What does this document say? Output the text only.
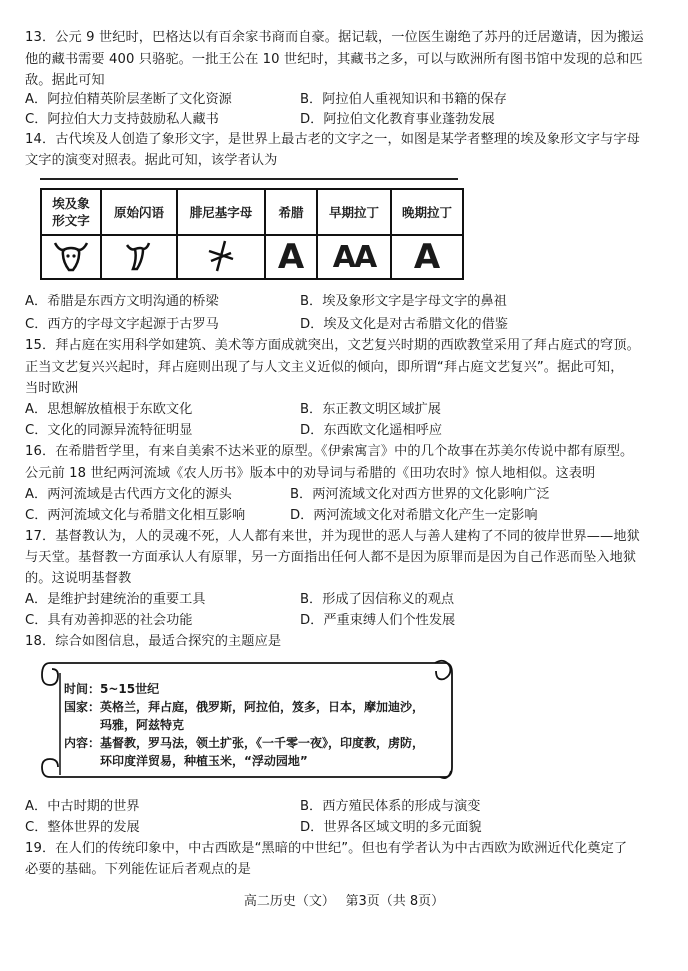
13．公元 9 世纪时，巴格达以有百余家书商而自豪。据记载，一位医生谢绝了苏丹的迁居邀请，因为搬运
他的藏书需要 400 只骆驼。一批王公在 10 世纪时，其藏书之多，可以与欧洲所有图书馆中发现的总和匹
敌。据此可知
A．阿拉伯精英阶层垄断了文化资源	B．阿拉伯人重视知识和书籍的保存
C．阿拉伯大力支持鼓励私人藏书	D．阿拉伯文化教育事业蓬勃发展
14．古代埃及人创造了象形文字，是世界上最古老的文字之一，如图是某学者整理的埃及象形文字与字母
文字的演变对照表。据此可知，该学者认为
埃及象形文字	原始闪语	腓尼基字母	希腊	早期拉丁	晚期拉丁
			A	AA	A
A．希腊是东西方文明沟通的桥梁	B．埃及象形文字是字母文字的鼻祖
C．西方的字母文字起源于古罗马	D．埃及文化是对古希腊文化的借鉴
15．拜占庭在实用科学如建筑、美术等方面成就突出，文艺复兴时期的西欧教堂采用了拜占庭式的穹顶。
正当文艺复兴兴起时，拜占庭则出现了与人文主义近似的倾向，即所谓“拜占庭文艺复兴”。据此可知，
当时欧洲
A．思想解放植根于东欧文化	B．东正教文明区域扩展
C．文化的同源异流特征明显	D．东西欧文化遥相呼应
16．在希腊哲学里，有来自美索不达米亚的原型。《伊索寓言》中的几个故事在苏美尔传说中都有原型。
公元前 18 世纪两河流域《农人历书》版本中的劝导词与希腊的《田功农时》惊人地相似。这表明
A．两河流域是古代西方文化的源头	B．两河流域文化对西方世界的文化影响广泛
C．两河流域文化与希腊文化相互影响	D．两河流域文化对希腊文化产生一定影响
17．基督教认为，人的灵魂不死，人人都有来世，并为现世的恶人与善人建构了不同的彼岸世界——地狱
与天堂。基督教一方面承认人有原罪，另一方面指出任何人都不是因为原罪而是因为自己作恶而坠入地狱
的。这说明基督教
A．是维护封建统治的重要工具	B．形成了因信称义的观点
C．具有劝善抑恶的社会功能	D．严重束缚人们个性发展
18．综合如图信息，最适合探究的主题应是
时间：5~15世纪
国家：英格兰，拜占庭，俄罗斯，阿拉伯，笈多，日本，摩加迪沙，
　　　玛雅，阿兹特克
内容：基督教，罗马法，领土扩张，《一千零一夜》，印度教，虏防，
　　　环印度洋贸易，种植玉米，“浮动园地”
A．中古时期的世界	B．西方殖民体系的形成与演变
C．整体世界的发展	D．世界各区域文明的多元面貌
19．在人们的传统印象中，中古西欧是“黑暗的中世纪”。但也有学者认为中古西欧为欧洲近代化奠定了
必要的基础。下列能佐证后者观点的是
高二历史（文）　 第3页（共 8页）
